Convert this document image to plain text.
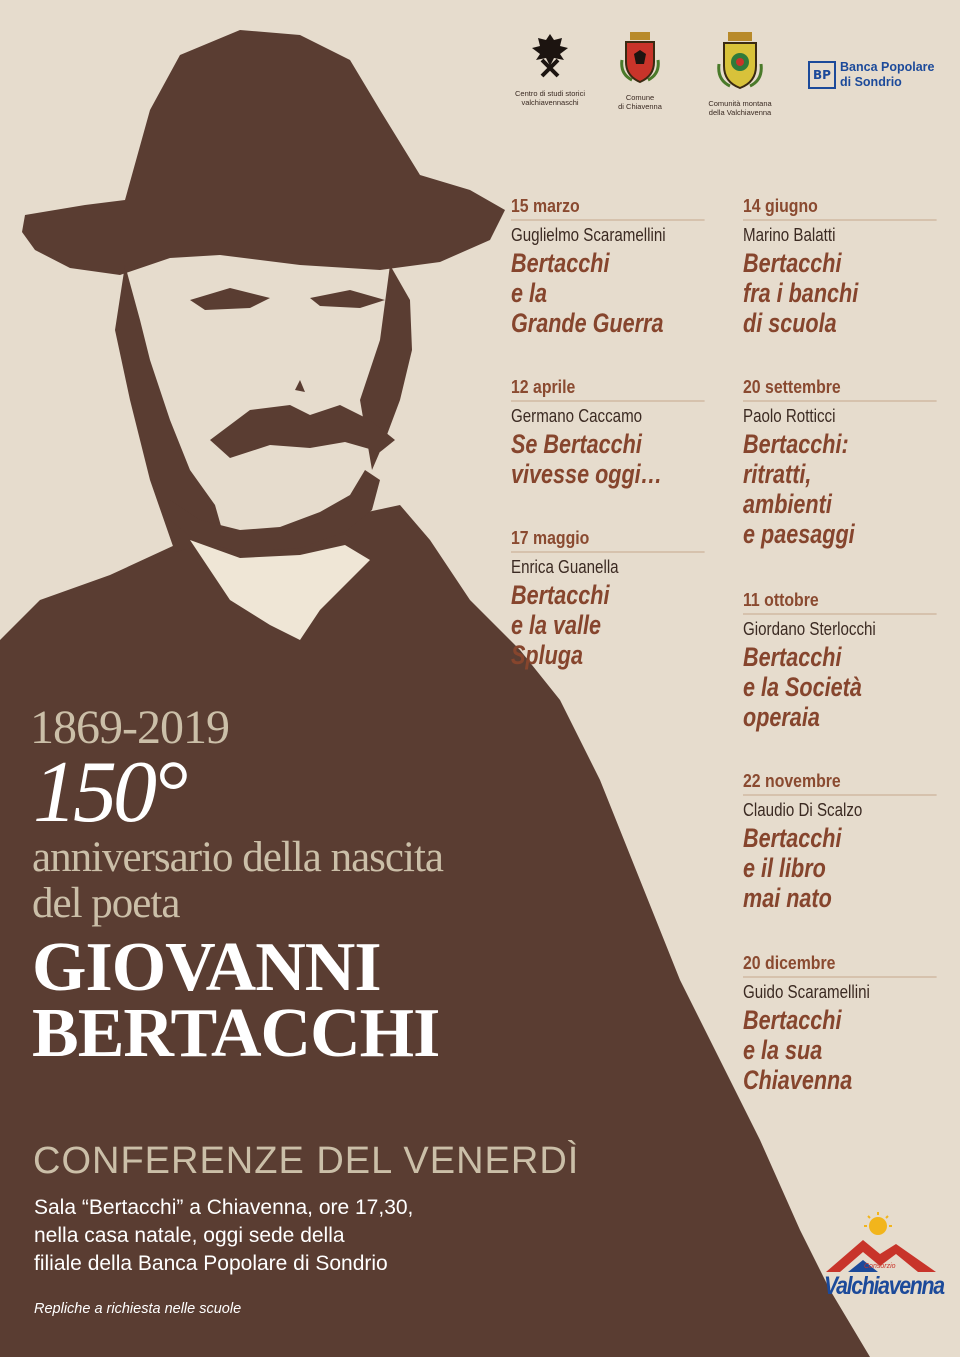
Centro di studi storici
valchiavennaschi
Comune
di Chiavenna	Comunità montana
della Valchiavenna
BPBanca Popolare
di Sondrio
15 marzo
Guglielmo Scaramellini
Bertacchi
e la
Grande Guerra
12 aprile
Germano Caccamo
Se Bertacchi
vivesse oggi…
17 maggio
Enrica Guanella
Bertacchi
e la valle Spluga
14 giugno
Marino Balatti
Bertacchi
fra i banchi
di scuola
20 settembre
Paolo Rotticci
Bertacchi:
ritratti,
ambienti
e paesaggi
11 ottobre
Giordano Sterlocchi
Bertacchi
e la Società
operaia
22 novembre
Claudio Di Scalzo
Bertacchi
e il libro
mai nato
20 dicembre
Guido Scaramellini
Bertacchi
e la sua
Chiavenna
1869-2019
150°
anniversario della nascita
del poeta
GIOVANNI
BERTACCHI
CONFERENZE DEL VENERDÌ
Sala “Bertacchi” a Chiavenna, ore 17,30,
nella casa natale, oggi sede della
filiale della Banca Popolare di Sondrio
Repliche a richiesta nelle scuole
Consorzio
Valchiavenna
